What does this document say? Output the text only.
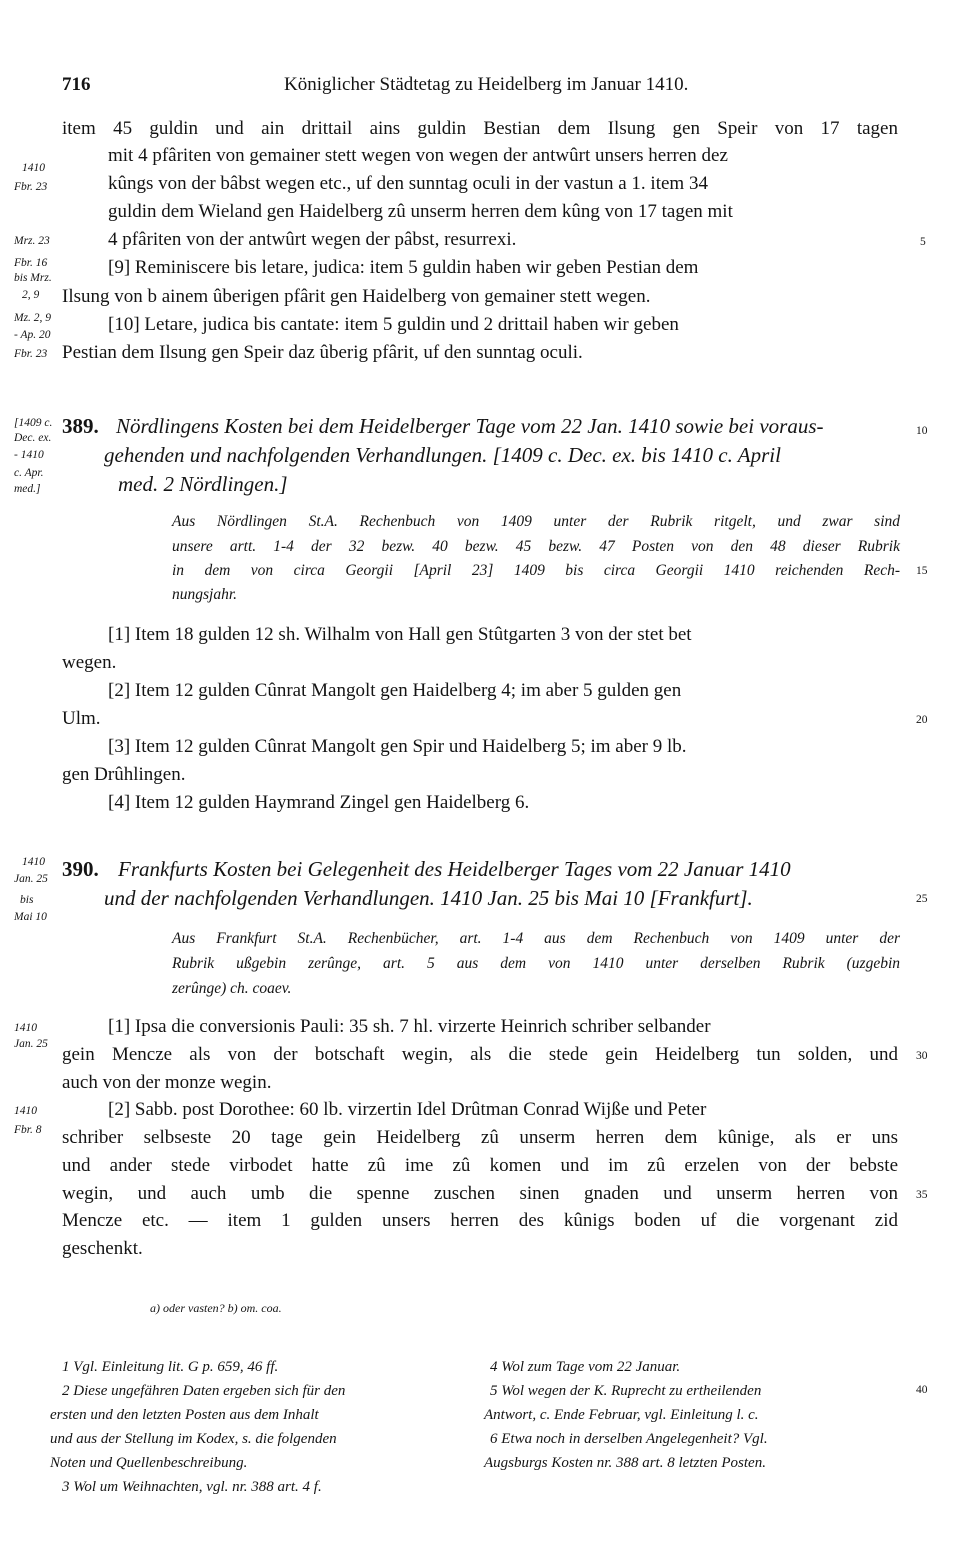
716	Königlicher Städtetag zu Heidelberg im Januar 1410.
item 45 guldin und ain drittail ains guldin Bestian dem Ilsung gen Speir von 17 tagen
mit 4 pfâriten von gemainer stett wegen von wegen der antwûrt unsers herren dez
kûngs von der bâbst wegen etc., uf den sunntag oculi in der vastun a 1. item 34
guldin dem Wieland gen Haidelberg zû unserm herren dem kûng von 17 tagen mit
4 pfâriten von der antwûrt wegen der pâbst, resurrexi.
[9] Reminiscere bis letare, judica: item 5 guldin haben wir geben Pestian dem
Ilsung von b ainem ûberigen pfârit gen Haidelberg von gemainer stett wegen.
[10] Letare, judica bis cantate: item 5 guldin und 2 drittail haben wir geben
Pestian dem Ilsung gen Speir daz ûberig pfârit, uf den sunntag oculi.
1410
Fbr. 23
Mrz. 23
Fbr. 16
bis Mrz.
2, 9
Mz. 2, 9
- Ap. 20
Fbr. 23
[1409 c.
Dec. ex.
- 1410
c. Apr.
med.]
389. Nördlingens Kosten bei dem Heidelberger Tage vom 22 Jan. 1410 sowie bei voraus-
gehenden und nachfolgenden Verhandlungen. [1409 c. Dec. ex. bis 1410 c. April
med. 2 Nördlingen.]
Aus Nördlingen St.A. Rechenbuch von 1409 unter der Rubrik ritgelt, und zwar sind
unsere artt. 1-4 der 32 bezw. 40 bezw. 45 bezw. 47 Posten von den 48 dieser Rubrik
in dem von circa Georgii [April 23] 1409 bis circa Georgii 1410 reichenden Rech-
nungsjahr.
[1] Item 18 gulden 12 sh. Wilhalm von Hall gen Stûtgarten 3 von der stet bet
wegen.
[2] Item 12 gulden Cûnrat Mangolt gen Haidelberg 4; im aber 5 gulden gen
Ulm.
[3] Item 12 gulden Cûnrat Mangolt gen Spir und Haidelberg 5; im aber 9 lb.
gen Drûhlingen.
[4] Item 12 gulden Haymrand Zingel gen Haidelberg 6.
1410
Jan. 25
bis
Mai 10
390. Frankfurts Kosten bei Gelegenheit des Heidelberger Tages vom 22 Januar 1410
und der nachfolgenden Verhandlungen. 1410 Jan. 25 bis Mai 10 [Frankfurt].
Aus Frankfurt St.A. Rechenbücher, art. 1-4 aus dem Rechenbuch von 1409 unter der
Rubrik ußgebin zerûnge, art. 5 aus dem von 1410 unter derselben Rubrik (uzgebin
zerûnge) ch. coaev.
1410
Jan. 25
1410
Fbr. 8
[1] Ipsa die conversionis Pauli: 35 sh. 7 hl. virzerte Heinrich schriber selbander
gein Mencze als von der botschaft wegin, als die stede gein Heidelberg tun solden, und
auch von der monze wegin.
[2] Sabb. post Dorothee: 60 lb. virzertin Idel Drûtman Conrad Wijße und Peter
schriber selbseste 20 tage gein Heidelberg zû unserm herren dem kûnige, als er uns
und ander stede virbodet hatte zû ime zû komen und im zû erzelen von der bebste
wegin, und auch umb die spenne zuschen sinen gnaden und unserm herren von
Mencze etc. — item 1 gulden unsers herren des kûnigs boden uf die vorgenant zid
geschenkt.
5
10
15
20
25
30
35
40
a) oder vasten? b) om. coa.
1 Vgl. Einleitung lit. G p. 659, 46 ff.
2 Diese ungefähren Daten ergeben sich für den
ersten und den letzten Posten aus dem Inhalt
und aus der Stellung im Kodex, s. die folgenden
Noten und Quellenbeschreibung.
3 Wol um Weihnachten, vgl. nr. 388 art. 4 f.
4 Wol zum Tage vom 22 Januar.
5 Wol wegen der K. Ruprecht zu ertheilenden
Antwort, c. Ende Februar, vgl. Einleitung l. c.
6 Etwa noch in derselben Angelegenheit? Vgl.
Augsburgs Kosten nr. 388 art. 8 letzten Posten.
